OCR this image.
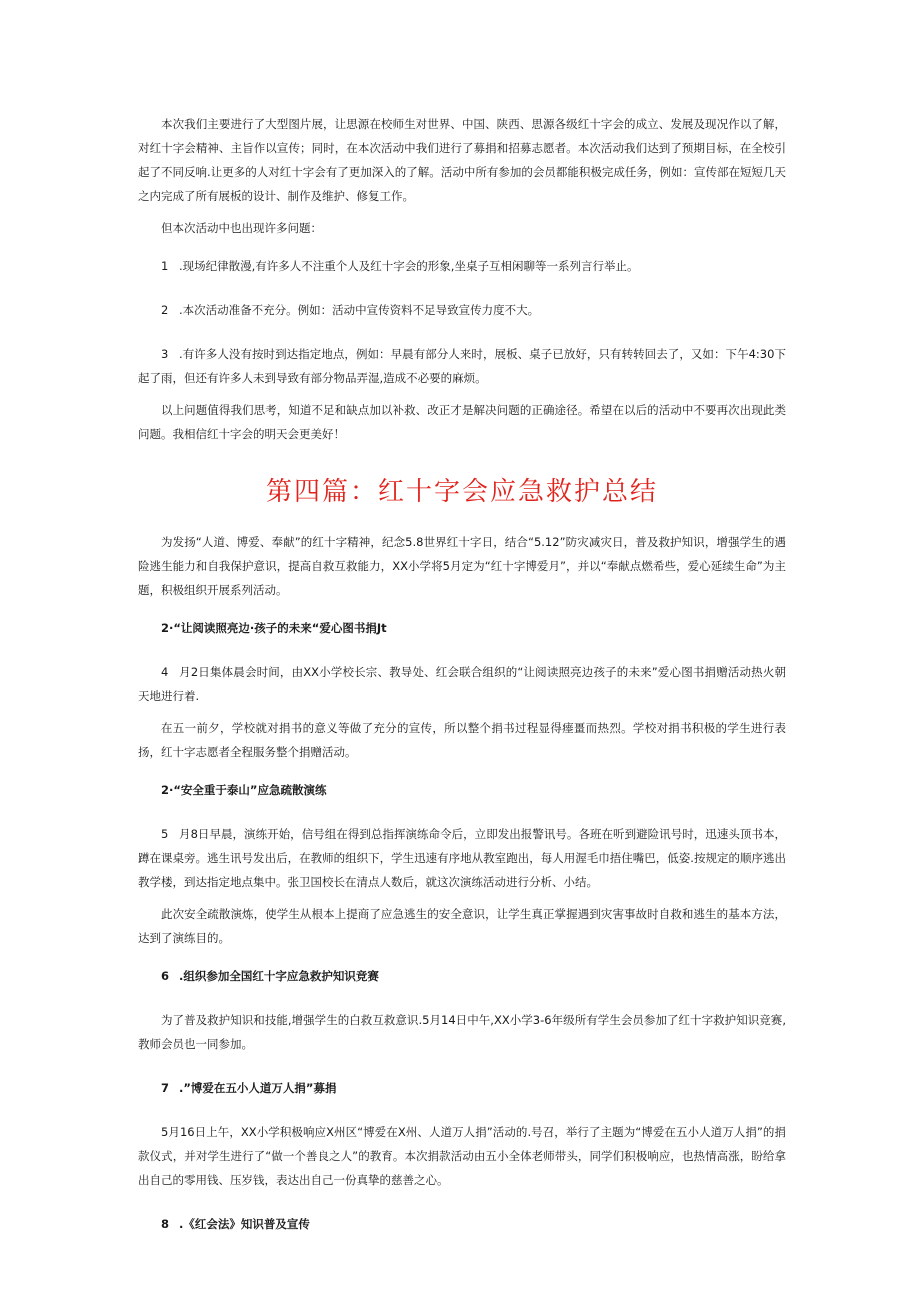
本次我们主要进行了大型图片展，让思源在校师生对世界、中国、陕西、思源各级红十字会的成立、发展及现况作以了解，对红十字会精神、主旨作以宣传；同时，在本次活动中我们进行了募捐和招募志愿者。本次活动我们达到了预期目标，在全校引起了不同反响.让更多的人对红十字会有了更加深入的了解。活动中所有参加的会员都能积极完成任务，例如：宣传部在短短几天之内完成了所有展板的设计、制作及维护、修复工作。

但本次活动中也出现许多问题：

1 .现场纪律散漫,有许多人不注重个人及红十字会的形象,坐桌子互相闲聊等一系列言行举止。

2 .本次活动准备不充分。例如：活动中宣传资料不足导致宣传力度不大。

3 .有许多人没有按时到达指定地点，例如：早晨有部分人来时，展板、桌子已放好，只有转转回去了，又如：下午4:30下起了雨，但还有许多人未到导致有部分物品弄湿,造成不必要的麻烦。

以上问题值得我们思考，知道不足和缺点加以补救、改正才是解决问题的正确途径。希望在以后的活动中不要再次出现此类问题。我相信红十字会的明天会更美好！

第四篇：红十字会应急救护总结

为发扬“人道、博爱、奉献”的红十字精神，纪念5.8世界红十字日，结合“5.12”防灾减灾日，普及救护知识，增强学生的遇险逃生能力和自我保护意识，提高自救互救能力，XX小学将5月定为“红十字博爱月”，并以“奉献点燃希些，爱心延续生命”为主题，积极组织开展系列活动。

2·“让阅读照亮边·孩子的未来“爱心图书捐Jt

4 月2日集体晨会时间，由XX小学校长宗、教导处、红会联合组织的“让阅读照亮边孩子的未来”爱心图书捐赠活动热火朝天地进行着.

在五一前夕，学校就对捐书的意义等做了充分的宣传，所以整个捐书过程显得瘗畺而热烈。学校对捐书积极的学生进行表扬，红十字志愿者全程服务整个捐赠活动。

2·“安全重于泰山”应急疏散演练

5 月8日早晨，演练开始，信号组在得到总指挥演练命令后，立即发出报警讯号。各班在听到避险讯号时，迅速头顶书本，蹲在课桌旁。逃生讯号发出后，在教师的组织下，学生迅速有序地从教室跑出，每人用渥毛巾捂住嘴巴，低姿.按规定的顺序逃出教学楼，到达指定地点集中。张卫国校长在清点人数后，就这次演练活动进行分析、小结。

此次安全疏散演炼，使学生从根本上提商了应急逃生的安全意识，让学生真正掌握遇到灾害事故时自救和逃生的基本方法，达到了演练目的。

6 .组织参加全国红十字应急救护知识竞赛

为了普及救护知识和技能,增强学生的白救互救意识.5月14日中午,XX小学3-6年级所有学生会员参加了红十字救护知识竞赛,教师会员也一同参加。

7 .”博爱在五小人道万人捐”募捐

5月16日上午，XX小学积极响应X州区“博爱在X州、人道万人捐”活动的.号召，举行了主题为“博爱在五小人道万人捐”的捐款仪式，并对学生进行了“做一个善良之人”的教育。本次捐款活动由五小全体老师带头，同学们积极响应，也热情高涨，盼给拿出自己的零用钱、压岁钱，表达出自己一份真挚的慈善之心。

8 .《红会法》知识普及宣传
